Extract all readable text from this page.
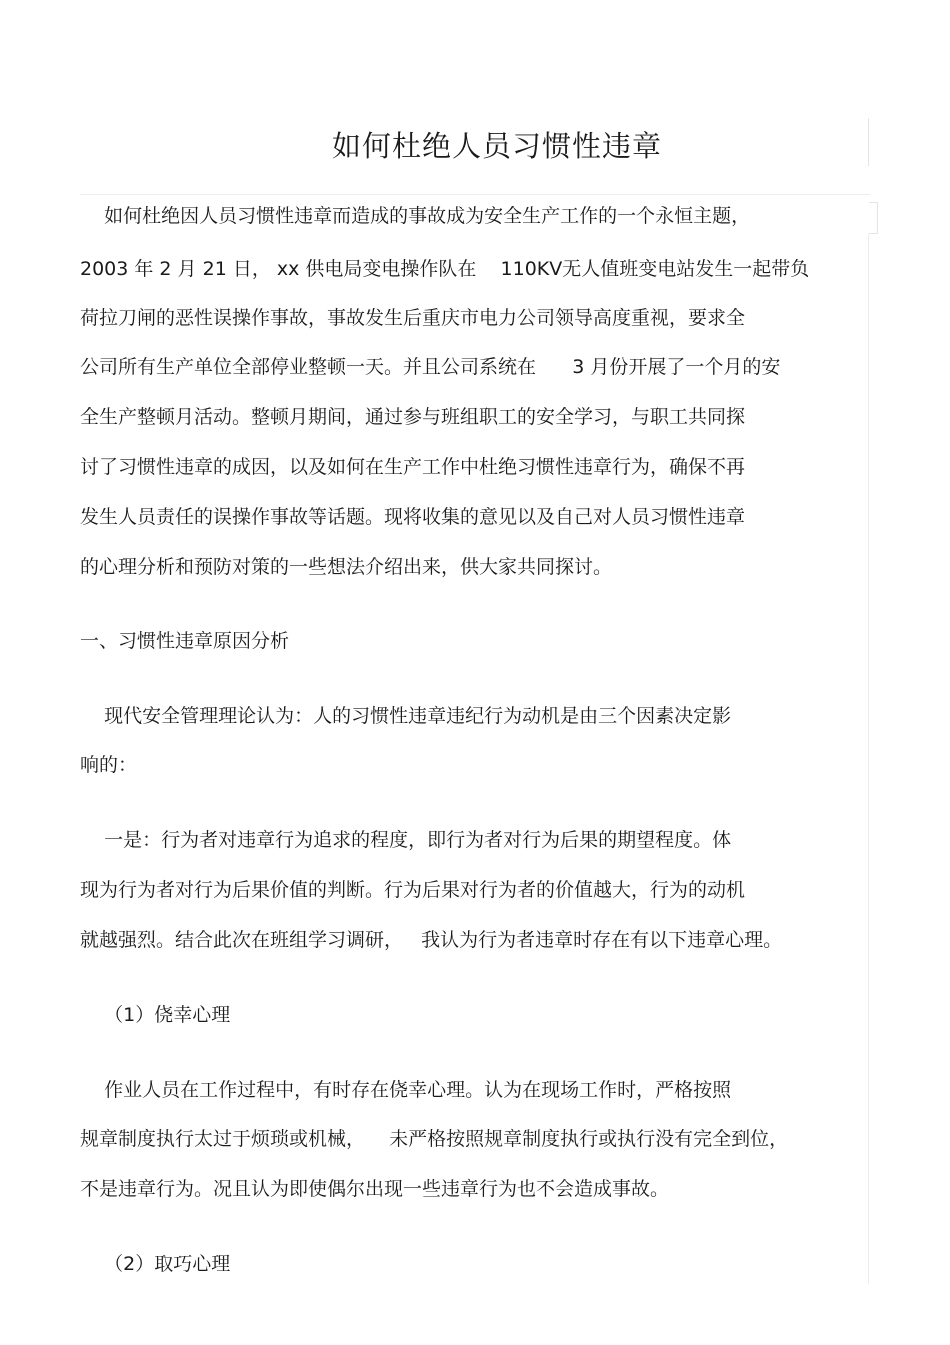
如何杜绝人员习惯性违章
如何杜绝因人员习惯性违章而造成的事故成为安全生产工作的一个永恒主题，
2003 年 2 月 21 日， xx 供电局变电操作队在    110KV无人值班变电站发生一起带负
荷拉刀闸的恶性误操作事故，事故发生后重庆市电力公司领导高度重视，要求全
公司所有生产单位全部停业整顿一天。并且公司系统在      3 月份开展了一个月的安
全生产整顿月活动。整顿月期间，通过参与班组职工的安全学习，与职工共同探
讨了习惯性违章的成因，以及如何在生产工作中杜绝习惯性违章行为，确保不再
发生人员责任的误操作事故等话题。现将收集的意见以及自己对人员习惯性违章
的心理分析和预防对策的一些想法介绍出来，供大家共同探讨。
一、习惯性违章原因分析
现代安全管理理论认为：人的习惯性违章违纪行为动机是由三个因素决定影
响的：
一是：行为者对违章行为追求的程度，即行为者对行为后果的期望程度。体
现为行为者对行为后果价值的判断。行为后果对行为者的价值越大，行为的动机
就越强烈。结合此次在班组学习调研，   我认为行为者违章时存在有以下违章心理。
（1）侥幸心理
作业人员在工作过程中，有时存在侥幸心理。认为在现场工作时，严格按照
规章制度执行太过于烦琐或机械，    未严格按照规章制度执行或执行没有完全到位，
不是违章行为。况且认为即使偶尔出现一些违章行为也不会造成事故。
（2）取巧心理
